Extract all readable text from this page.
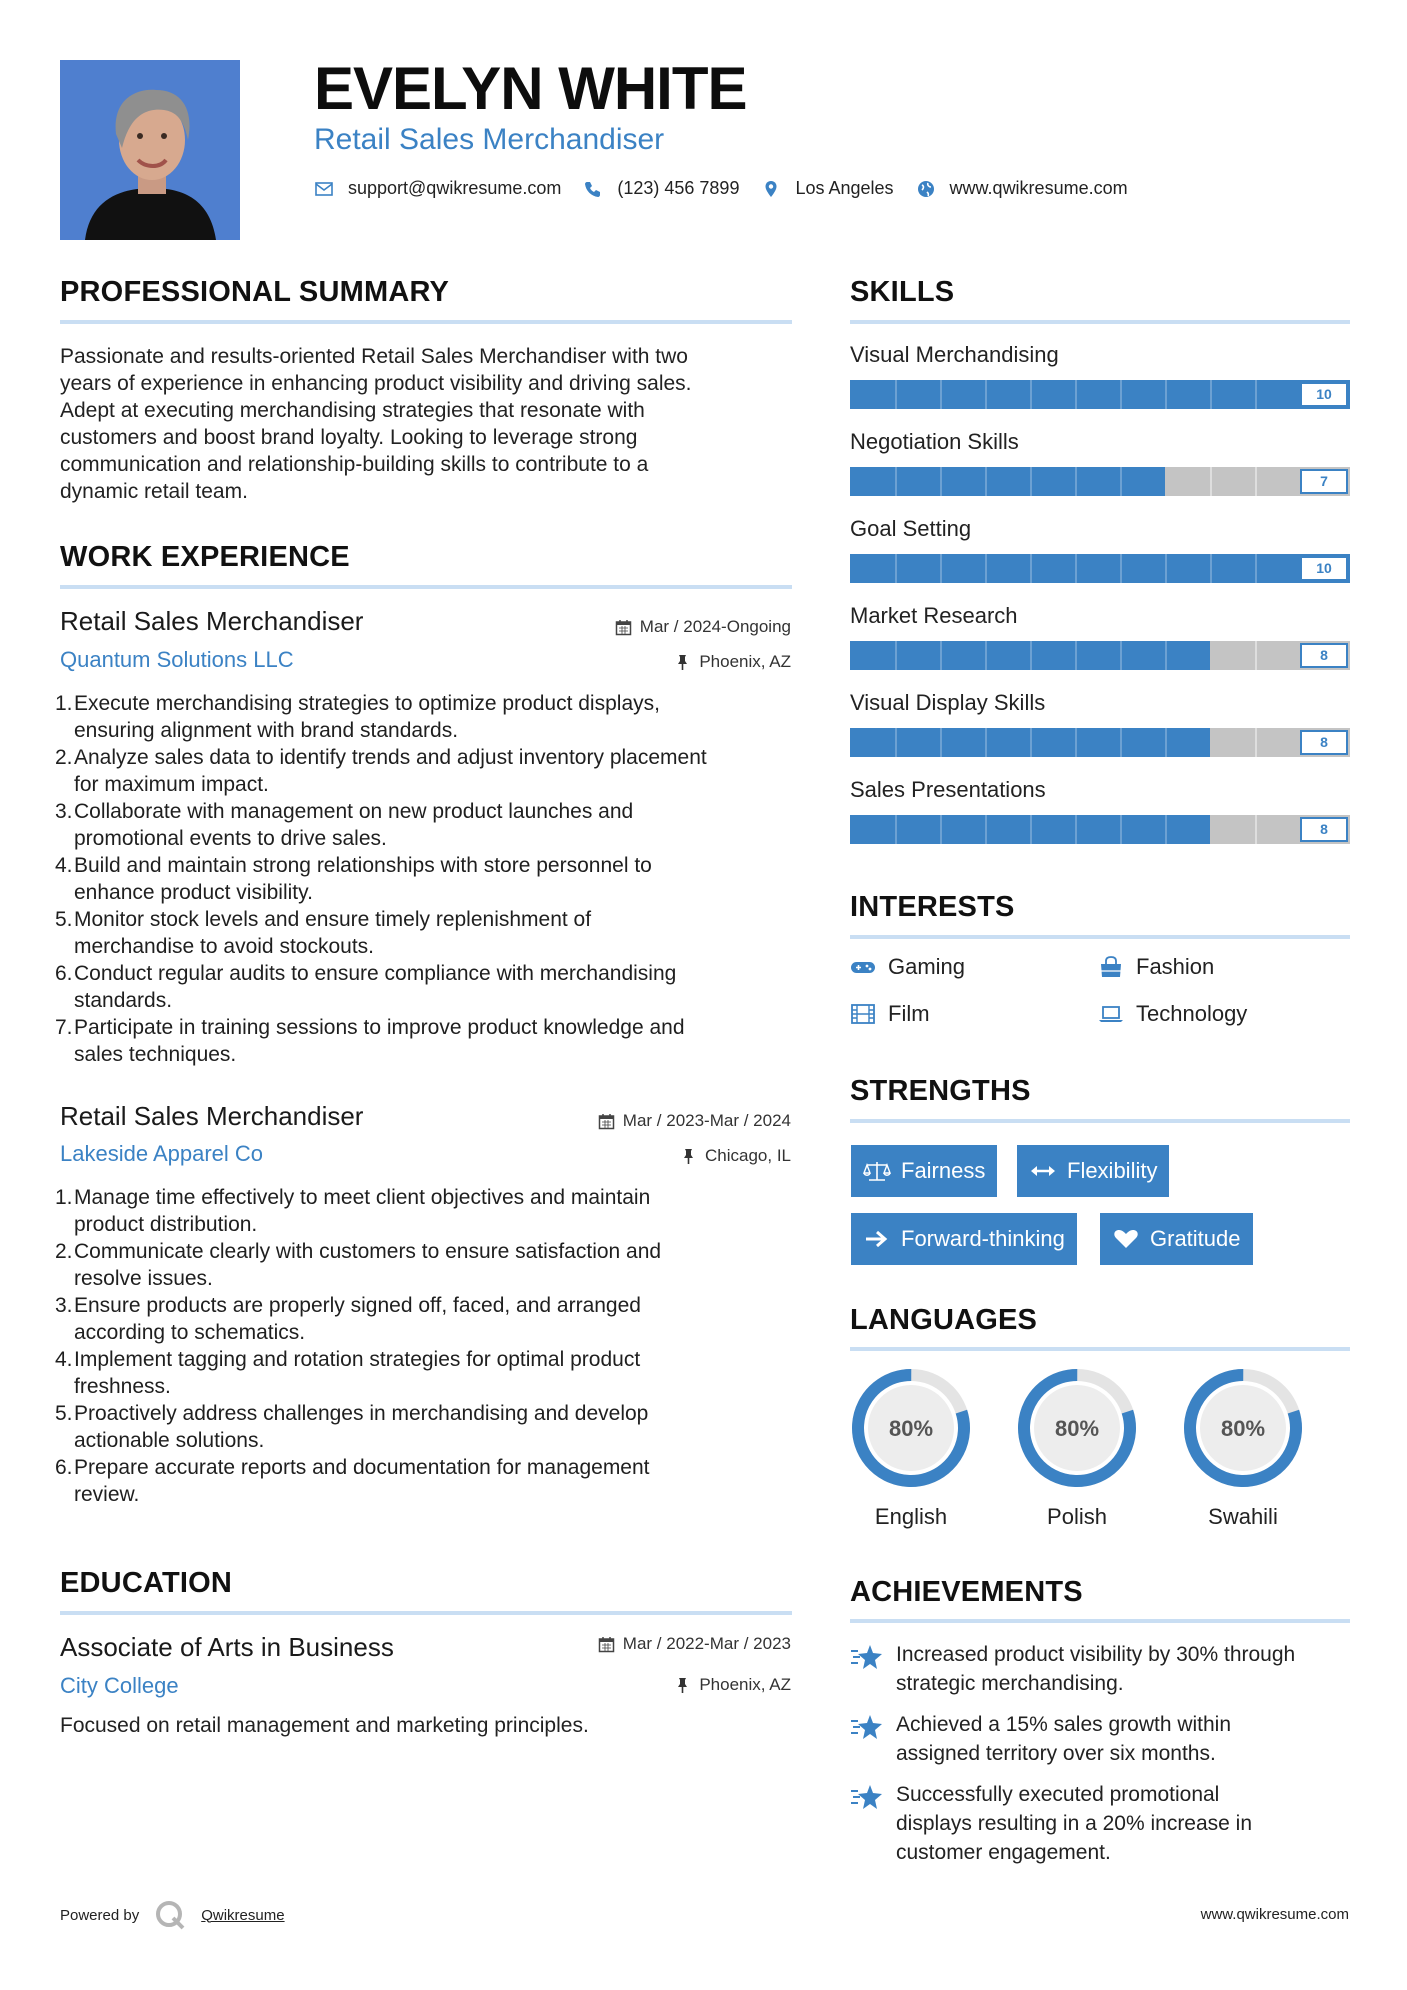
EVELYN WHITE
Retail Sales Merchandiser
support@qwikresume.com	(123) 456 7899	Los Angeles	www.qwikresume.com
PROFESSIONAL SUMMARY
Passionate and results-oriented Retail Sales Merchandiser with two
years of experience in enhancing product visibility and driving sales.
Adept at executing merchandising strategies that resonate with
customers and boost brand loyalty. Looking to leverage strong
communication and relationship-building skills to contribute to a
dynamic retail team.
WORK EXPERIENCE
Retail Sales Merchandiser
Quantum Solutions LLC
Mar / 2024-Ongoing
Phoenix, AZ
1. Execute merchandising strategies to optimize product displays,
ensuring alignment with brand standards.
2. Analyze sales data to identify trends and adjust inventory placement
for maximum impact.
3. Collaborate with management on new product launches and
promotional events to drive sales.
4. Build and maintain strong relationships with store personnel to
enhance product visibility.
5. Monitor stock levels and ensure timely replenishment of
merchandise to avoid stockouts.
6. Conduct regular audits to ensure compliance with merchandising
standards.
7. Participate in training sessions to improve product knowledge and
sales techniques.
Retail Sales Merchandiser
Lakeside Apparel Co
Mar / 2023-Mar / 2024
Chicago, IL
1. Manage time effectively to meet client objectives and maintain
product distribution.
2. Communicate clearly with customers to ensure satisfaction and
resolve issues.
3. Ensure products are properly signed off, faced, and arranged
according to schematics.
4. Implement tagging and rotation strategies for optimal product
freshness.
5. Proactively address challenges in merchandising and develop
actionable solutions.
6. Prepare accurate reports and documentation for management
review.
EDUCATION
Associate of Arts in Business
City College
Mar / 2022-Mar / 2023
Phoenix, AZ
Focused on retail management and marketing principles.
SKILLS
Visual Merchandising
10
Negotiation Skills
7
Goal Setting
10
Market Research
8
Visual Display Skills
8
Sales Presentations
8
INTERESTS
Gaming	Fashion
Film	Technology
STRENGTHS
Fairness	Flexibility
Forward-thinking	Gratitude
LANGUAGES
80%
English
80%
Polish
80%
Swahili
ACHIEVEMENTS
Increased product visibility by 30% through
strategic merchandising.
Achieved a 15% sales growth within
assigned territory over six months.
Successfully executed promotional
displays resulting in a 20% increase in
customer engagement.
Powered by	Qwikresume	www.qwikresume.com
